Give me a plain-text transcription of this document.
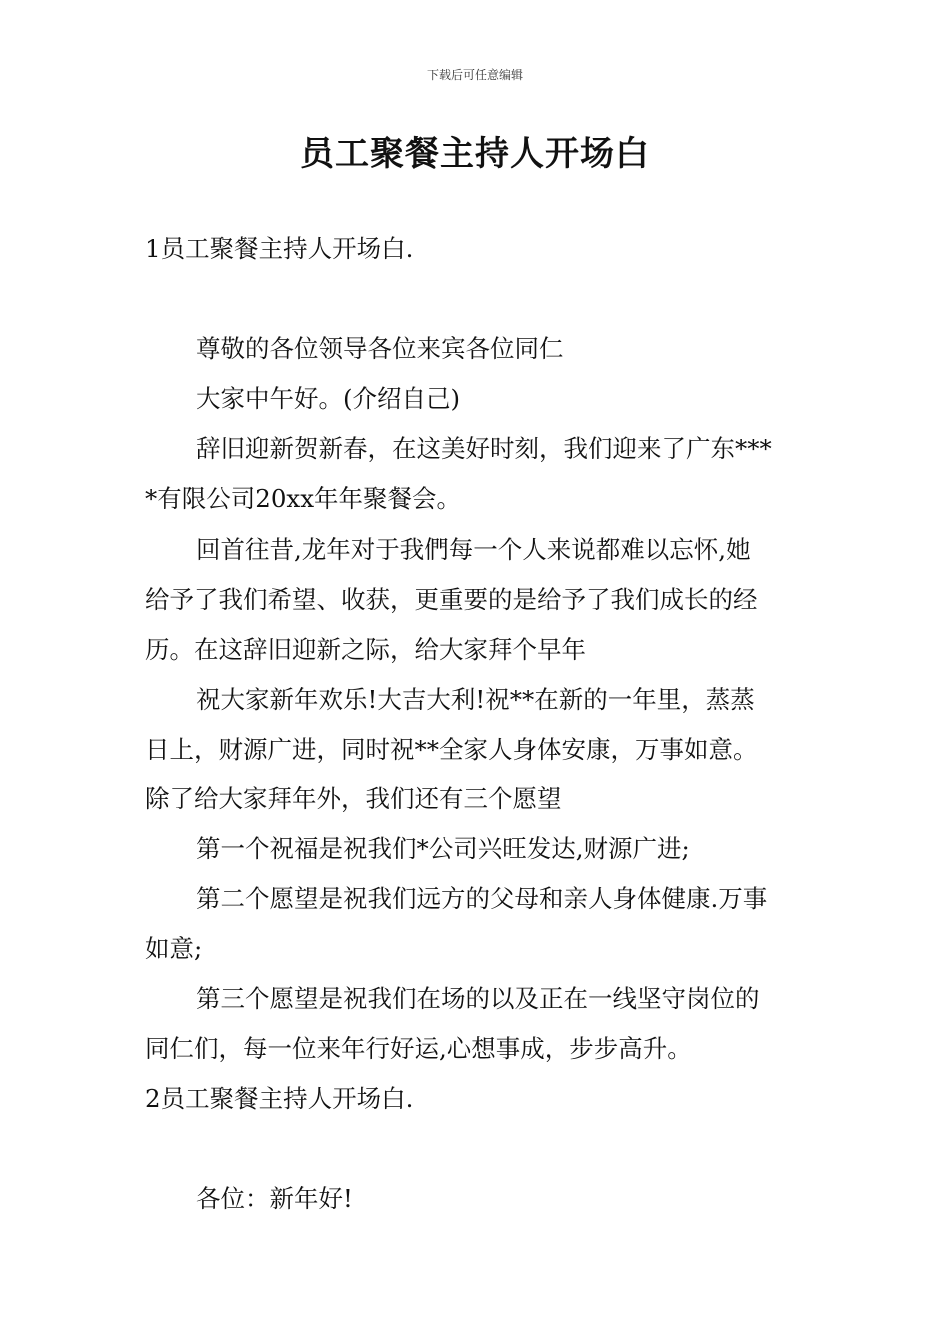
下载后可任意编辑
员工聚餐主持人开场白
1员工聚餐主持人开场白.
尊敬的各位领导各位来宾各位同仁
大家中午好。(介绍自己)
辞旧迎新贺新春，在这美好时刻，我们迎来了广东***
*有限公司20xx年年聚餐会。
回首往昔,龙年对于我們每一个人来说都难以忘怀,她
给予了我们希望、收获，更重要的是给予了我们成长的经
历。在这辞旧迎新之际，给大家拜个早年
祝大家新年欢乐!大吉大利!祝**在新的一年里，蒸蒸
日上，财源广进，同时祝**全家人身体安康，万事如意。
除了给大家拜年外，我们还有三个愿望
第一个祝福是祝我们*公司兴旺发达,财源广进;
第二个愿望是祝我们远方的父母和亲人身体健康.万事
如意;
第三个愿望是祝我们在场的以及正在一线坚守岗位的
同仁们，每一位来年行好运,心想事成，步步高升。
2员工聚餐主持人开场白.
各位：新年好!
